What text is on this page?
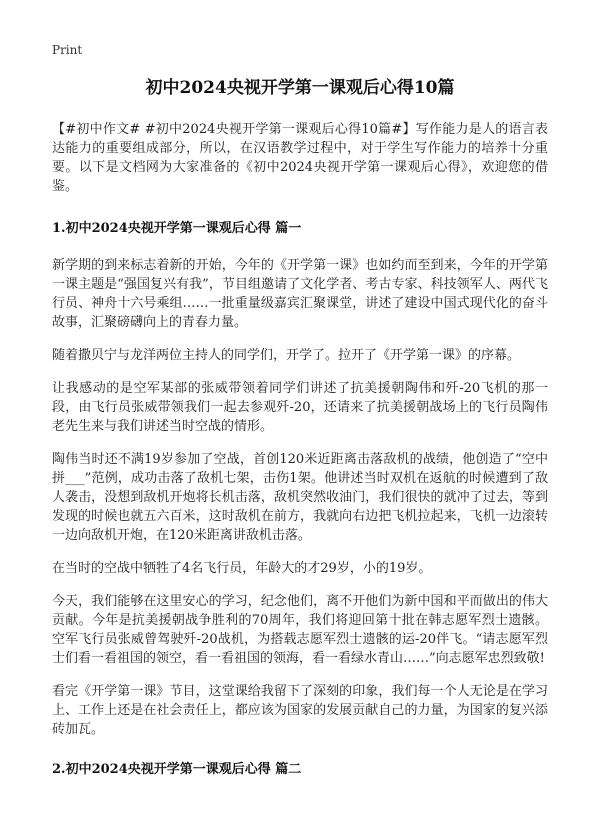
Print
初中2024央视开学第一课观后心得10篇
【#初中作文# #初中2024央视开学第一课观后心得10篇#】写作能力是人的语言表达能力的重要组成部分，所以，在汉语教学过程中，对于学生写作能力的培养十分重要。以下是文档网为大家准备的《初中2024央视开学第一课观后心得》，欢迎您的借鉴。
1.初中2024央视开学第一课观后心得 篇一
新学期的到来标志着新的开始，今年的《开学第一课》也如约而至到来，今年的开学第一课主题是“强国复兴有我”，节目组邀请了文化学者、考古专家、科技领军人、两代飞行员、神舟十六号乘组……一批重量级嘉宾汇聚课堂，讲述了建设中国式现代化的奋斗故事，汇聚磅礴向上的青春力量。
随着撒贝宁与龙洋两位主持人的同学们，开学了。拉开了《开学第一课》的序幕。
让我感动的是空军某部的张威带领着同学们讲述了抗美援朝陶伟和歼-20飞机的那一段，由飞行员张威带领我们一起去参观歼-20，还请来了抗美援朝战场上的飞行员陶伟老先生来与我们讲述当时空战的情形。
陶伟当时还不满19岁参加了空战，首创120米近距离击落敌机的战绩，他创造了“空中拼___”范例，成功击落了敌机七架，击伤1架。他讲述当时双机在返航的时候遭到了敌人袭击，没想到敌机开炮将长机击落，敌机突然收油门，我们很快的就冲了过去，等到发现的时候也就五六百米，这时敌机在前方，我就向右边把飞机拉起来，飞机一边滚转一边向敌机开炮，在120米距离讲敌机击落。
在当时的空战中牺牲了4名飞行员，年龄大的才29岁，小的19岁。
今天，我们能够在这里安心的学习，纪念他们，离不开他们为新中国和平而做出的伟大贡献。今年是抗美援朝战争胜利的70周年，我们将迎回第十批在韩志愿军烈士遗骸。空军飞行员张威曾驾驶歼-20战机，为搭载志愿军烈士遗骸的运-20伴飞。“请志愿军烈士们看一看祖国的领空，看一看祖国的领海，看一看绿水青山……”向志愿军忠烈致敬!
看完《开学第一课》节目，这堂课给我留下了深刻的印象，我们每一个人无论是在学习上、工作上还是在社会责任上，都应该为国家的发展贡献自己的力量，为国家的复兴添砖加瓦。
2.初中2024央视开学第一课观后心得 篇二
